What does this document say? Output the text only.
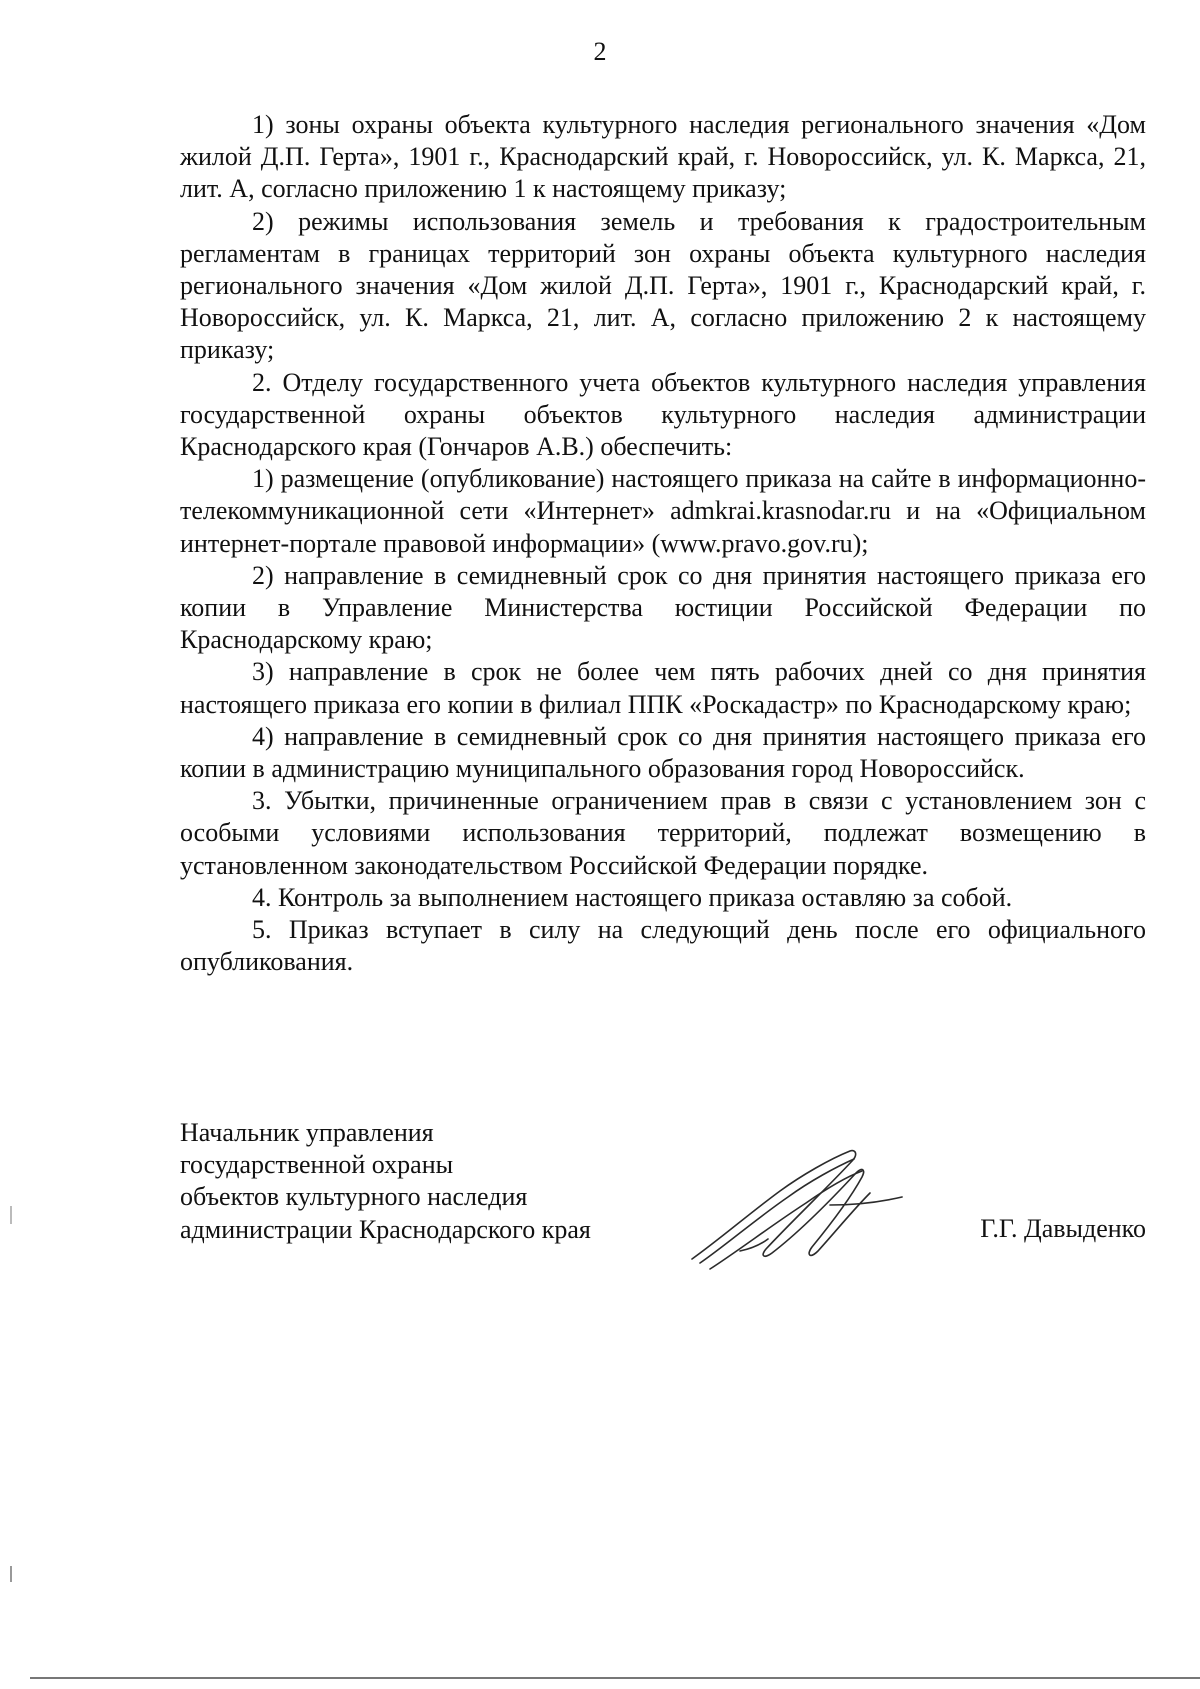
2

1) зоны охраны объекта культурного наследия регионального значения «Дом жилой Д.П. Герта», 1901 г., Краснодарский край, г. Новороссийск, ул. К. Маркса, 21, лит. А, согласно приложению 1 к настоящему приказу;

2) режимы использования земель и требования к градостроительным регламентам в границах территорий зон охраны объекта культурного наследия регионального значения «Дом жилой Д.П. Герта», 1901 г., Краснодарский край, г. Новороссийск, ул. К. Маркса, 21, лит. А, согласно приложению 2 к настоящему приказу;

2. Отделу государственного учета объектов культурного наследия управления государственной охраны объектов культурного наследия администрации Краснодарского края (Гончаров А.В.) обеспечить:

1) размещение (опубликование) настоящего приказа на сайте в информационно-телекоммуникационной сети «Интернет» admkrai.krasnodar.ru и на «Официальном интернет-портале правовой информации» (www.pravo.gov.ru);

2) направление в семидневный срок со дня принятия настоящего приказа его копии в Управление Министерства юстиции Российской Федерации по Краснодарскому краю;

3) направление в срок не более чем пять рабочих дней со дня принятия настоящего приказа его копии в филиал ППК «Роскадастр» по Краснодарскому краю;

4) направление в семидневный срок со дня принятия настоящего приказа его копии в администрацию муниципального образования город Новороссийск.

3. Убытки, причиненные ограничением прав в связи с установлением зон с особыми условиями использования территорий, подлежат возмещению в установленном законодательством Российской Федерации порядке.

4. Контроль за выполнением настоящего приказа оставляю за собой.

5. Приказ вступает в силу на следующий день после его официального опубликования.

Начальник управления
государственной охраны
объектов культурного наследия
администрации Краснодарского края	Г.Г. Давыденко
